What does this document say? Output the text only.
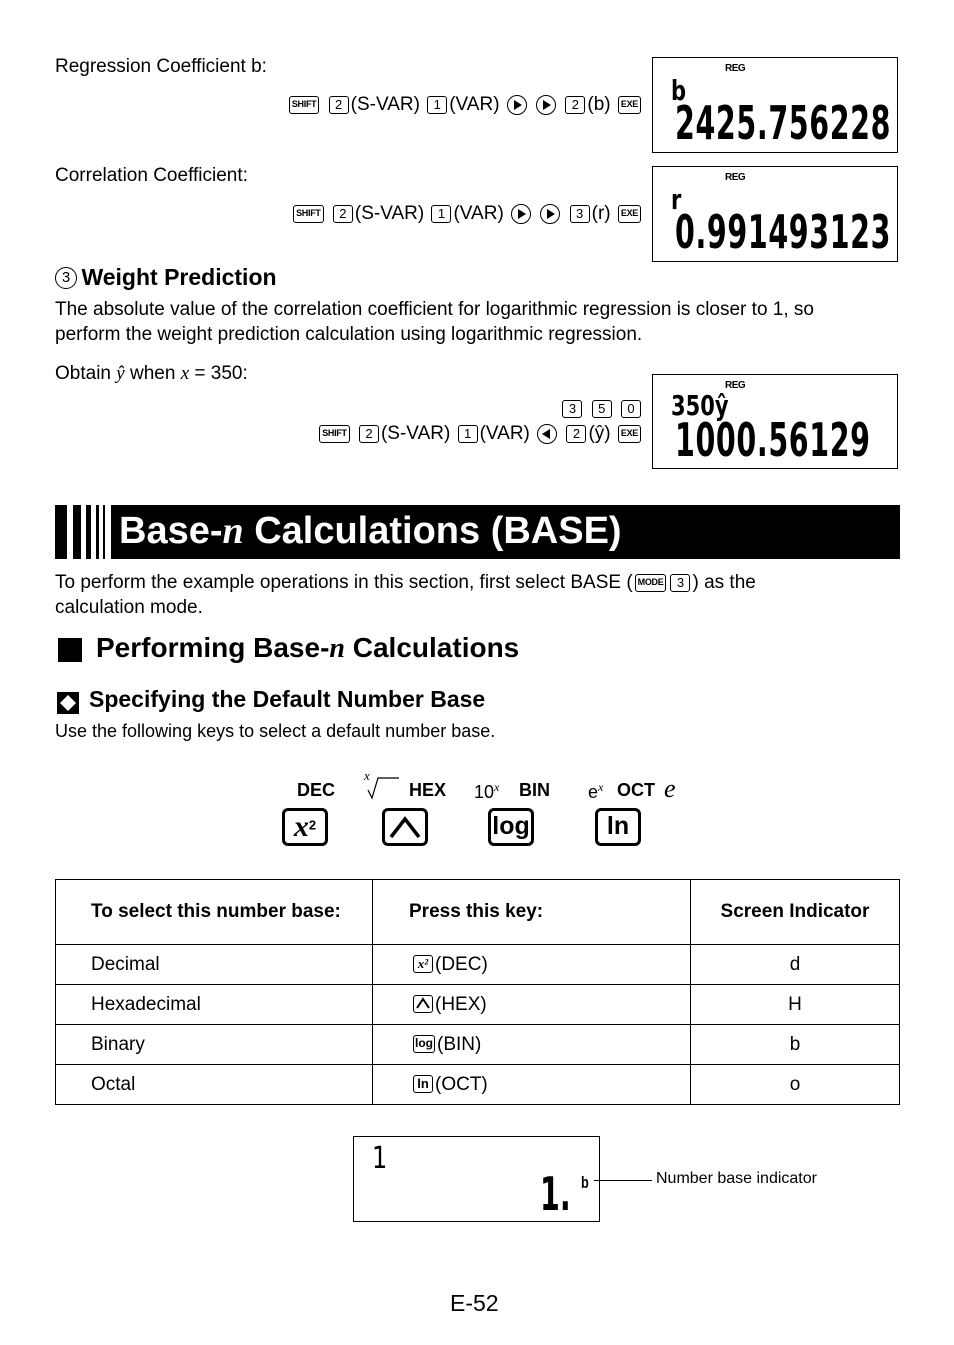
Regression Coefficient b:
SHIFT 2 (S-VAR) 1 (VAR)	2 (b) EXE
REG
b
2425.756228
Correlation Coefficient:
SHIFT 2 (S-VAR) 1 (VAR)	3 (r) EXE
REG
r
0.991493123
3 Weight Prediction
The absolute value of the correlation coefficient for logarithmic regression is closer to 1, so
perform the weight prediction calculation using logarithmic regression.
Obtain ŷ when x = 350:
3 5 0
SHIFT 2 (S-VAR) 1 (VAR)	2 (ŷ) EXE
REG
350ŷ
1000.56129
Base-n Calculations (BASE)
To perform the example operations in this section, first select BASE ( MODE 3 ) as the
calculation mode.
Performing Base-n Calculations
Specifying the Default Number Base
Use the following keys to select a default number base.
DEC
x
HEX 10$^x$ BIN $e^x$ OCT e
$x^2$	log	ln
To select this number base:	Press this key:	Screen Indicator
Decimal	x² (DEC)	d
Hexadecimal	(HEX)	H
Binary	log (BIN)	b
Octal	ln (OCT)	o
1
1. b	Number base indicator
E-52
